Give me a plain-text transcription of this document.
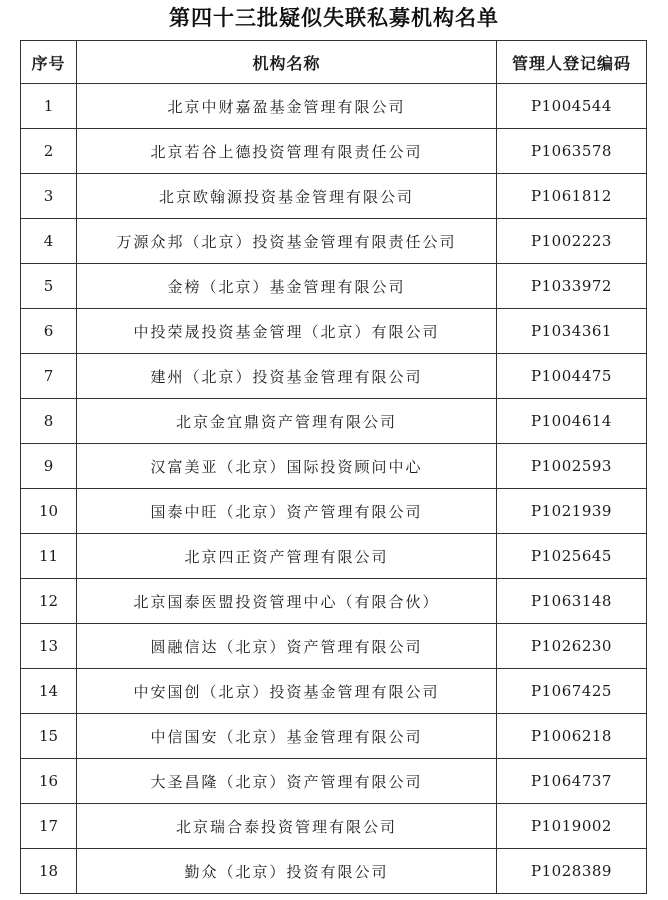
第四十三批疑似失联私募机构名单
序号	机构名称	管理人登记编码
1	北京中财嘉盈基金管理有限公司	P1004544
2	北京若谷上德投资管理有限责任公司	P1063578
3	北京欧翰源投资基金管理有限公司	P1061812
4	万源众邦（北京）投资基金管理有限责任公司	P1002223
5	金榜（北京）基金管理有限公司	P1033972
6	中投荣晟投资基金管理（北京）有限公司	P1034361
7	建州（北京）投资基金管理有限公司	P1004475
8	北京金宜鼎资产管理有限公司	P1004614
9	汉富美亚（北京）国际投资顾问中心	P1002593
10	国泰中旺（北京）资产管理有限公司	P1021939
11	北京四正资产管理有限公司	P1025645
12	北京国泰医盟投资管理中心（有限合伙）	P1063148
13	圆融信达（北京）资产管理有限公司	P1026230
14	中安国创（北京）投资基金管理有限公司	P1067425
15	中信国安（北京）基金管理有限公司	P1006218
16	大圣昌隆（北京）资产管理有限公司	P1064737
17	北京瑞合泰投资管理有限公司	P1019002
18	勤众（北京）投资有限公司	P1028389
